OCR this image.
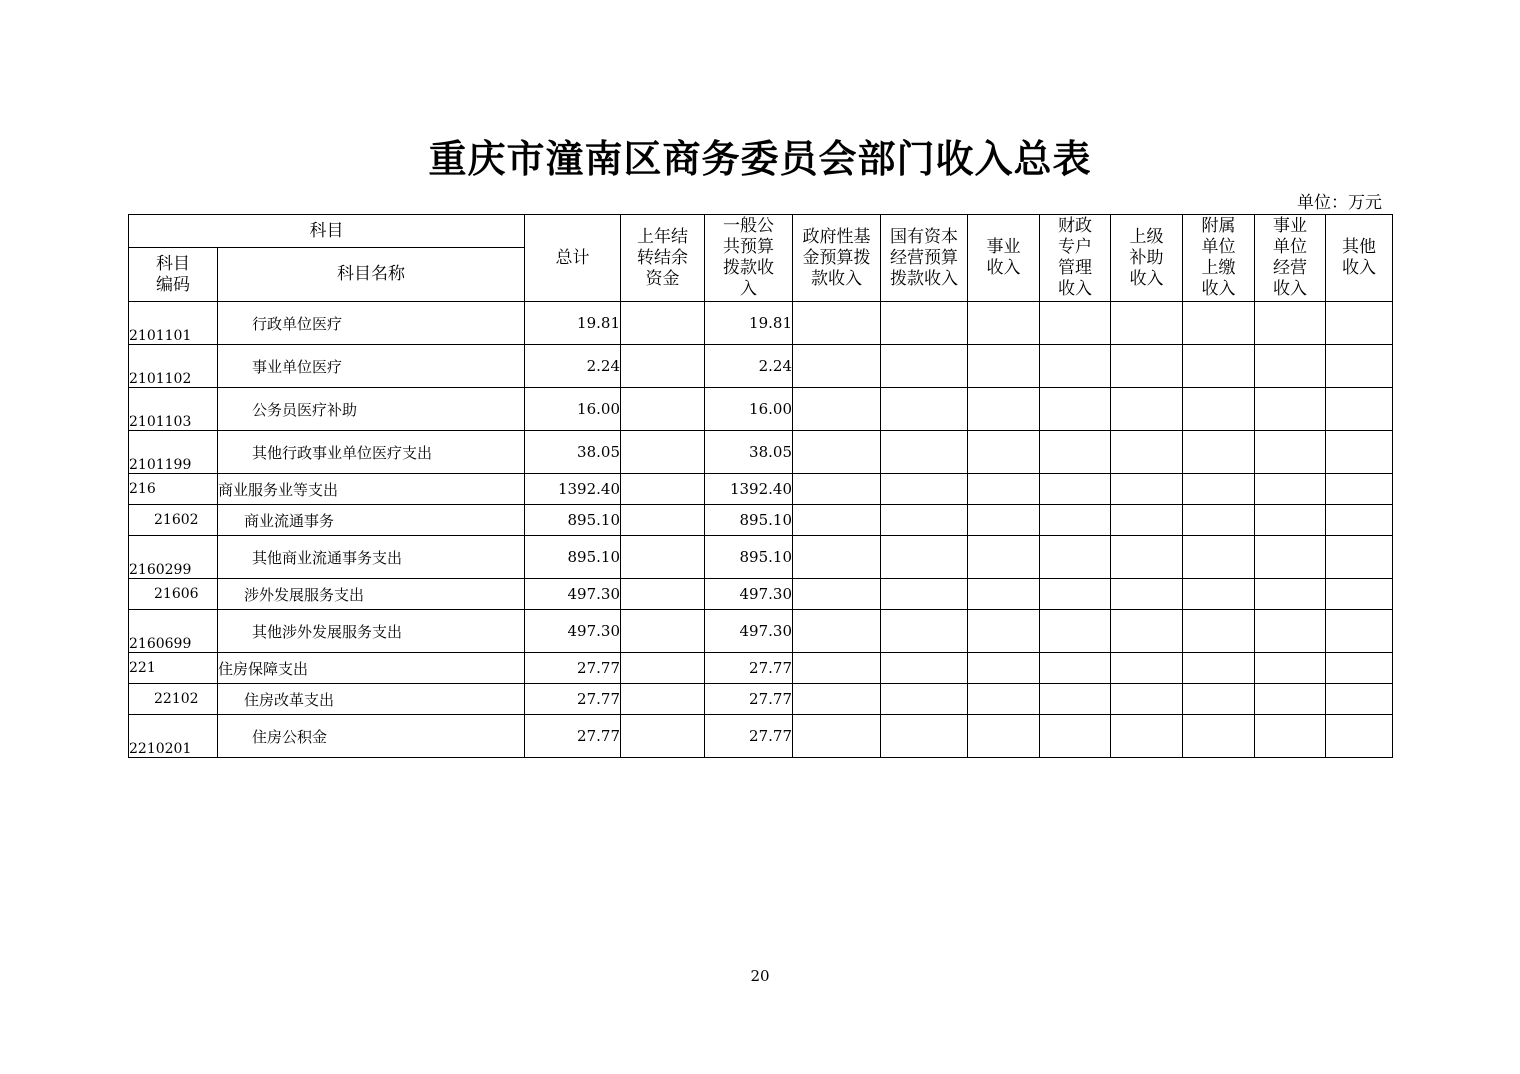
重庆市潼南区商务委员会部门收入总表
单位：万元
科目		总计	上年结转结余资金	一般公共预算拨款收入	政府性基金预算拨款收入	国有资本经营预算拨款收入	事业收入	财政专户管理收入	上级补助收入	附属单位上缴收入	事业单位经营收入	其他收入
科目编码	科目名称											
2101101	行政单位医疗	19.81		19.81								
2101102	事业单位医疗	2.24		2.24								
2101103	公务员医疗补助	16.00		16.00								
2101199	其他行政事业单位医疗支出	38.05		38.05								
216	商业服务业等支出	1392.40		1392.40								
21602	商业流通事务	895.10		895.10								
2160299	其他商业流通事务支出	895.10		895.10								
21606	涉外发展服务支出	497.30		497.30								
2160699	其他涉外发展服务支出	497.30		497.30								
221	住房保障支出	27.77		27.77								
22102	住房改革支出	27.77		27.77								
2210201	住房公积金	27.77		27.77								
20
